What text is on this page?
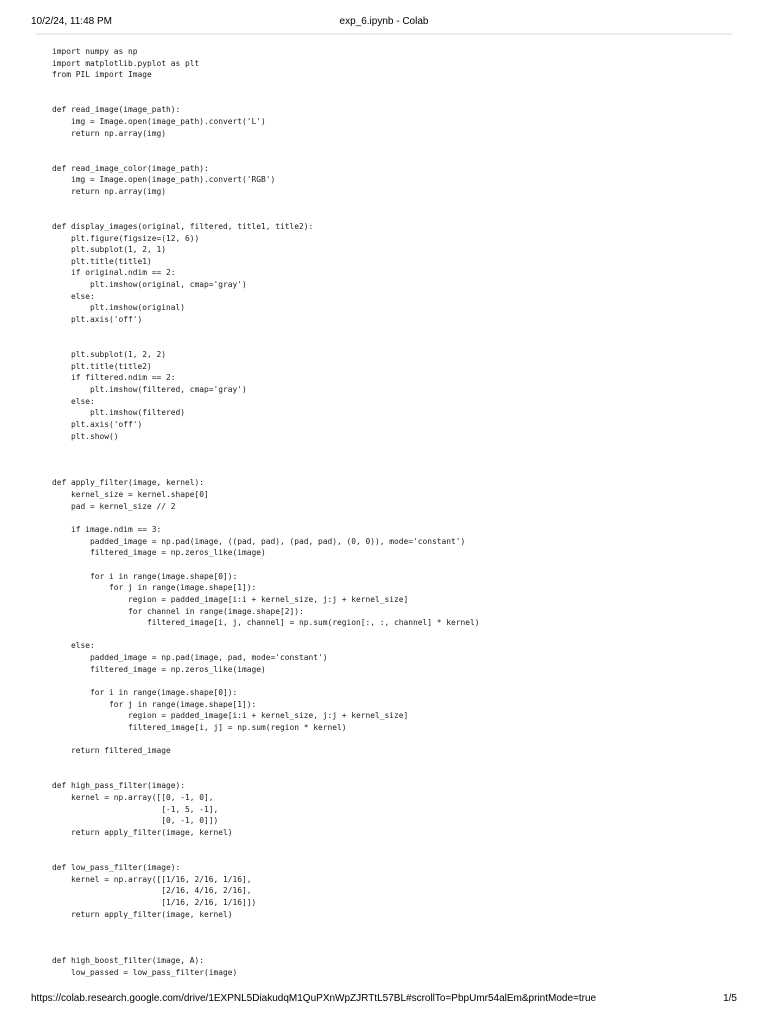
10/2/24, 11:48 PM	exp_6.ipynb - Colab
import numpy as np
import matplotlib.pyplot as plt
from PIL import Image

def read_image(image_path):
img = Image.open(image_path).convert('L')
return np.array(img)

def read_image_color(image_path):
img = Image.open(image_path).convert('RGB')
return np.array(img)

def display_images(original, filtered, title1, title2):
plt.figure(figsize=(12, 6))
plt.subplot(1, 2, 1)
plt.title(title1)
if original.ndim == 2:
plt.imshow(original, cmap='gray')
else:
plt.imshow(original)
plt.axis('off')

plt.subplot(1, 2, 2)
plt.title(title2)
if filtered.ndim == 2:
plt.imshow(filtered, cmap='gray')
else:
plt.imshow(filtered)
plt.axis('off')
plt.show()

def apply_filter(image, kernel):
kernel_size = kernel.shape[0]
pad = kernel_size // 2

if image.ndim == 3:
padded_image = np.pad(image, ((pad, pad), (pad, pad), (0, 0)), mode='constant')
filtered_image = np.zeros_like(image)

for i in range(image.shape[0]):
for j in range(image.shape[1]):
region = padded_image[i:i + kernel_size, j:j + kernel_size]
for channel in range(image.shape[2]):
filtered_image[i, j, channel] = np.sum(region[:, :, channel] * kernel)

else:
padded_image = np.pad(image, pad, mode='constant')
filtered_image = np.zeros_like(image)

for i in range(image.shape[0]):
for j in range(image.shape[1]):
region = padded_image[i:i + kernel_size, j:j + kernel_size]
filtered_image[i, j] = np.sum(region * kernel)

return filtered_image

def high_pass_filter(image):
kernel = np.array([[0, -1, 0],
[-1, 5, -1],
[0, -1, 0]])
return apply_filter(image, kernel)

def low_pass_filter(image):
kernel = np.array([[1/16, 2/16, 1/16],
[2/16, 4/16, 2/16],
[1/16, 2/16, 1/16]])
return apply_filter(image, kernel)

def high_boost_filter(image, A):
low_passed = low_pass_filter(image)

https://colab.research.google.com/drive/1EXPNL5DiakudqM1QuPXnWpZJRTtL57BL#scrollTo=PbpUmr54alEm&printMode=true	1/5
